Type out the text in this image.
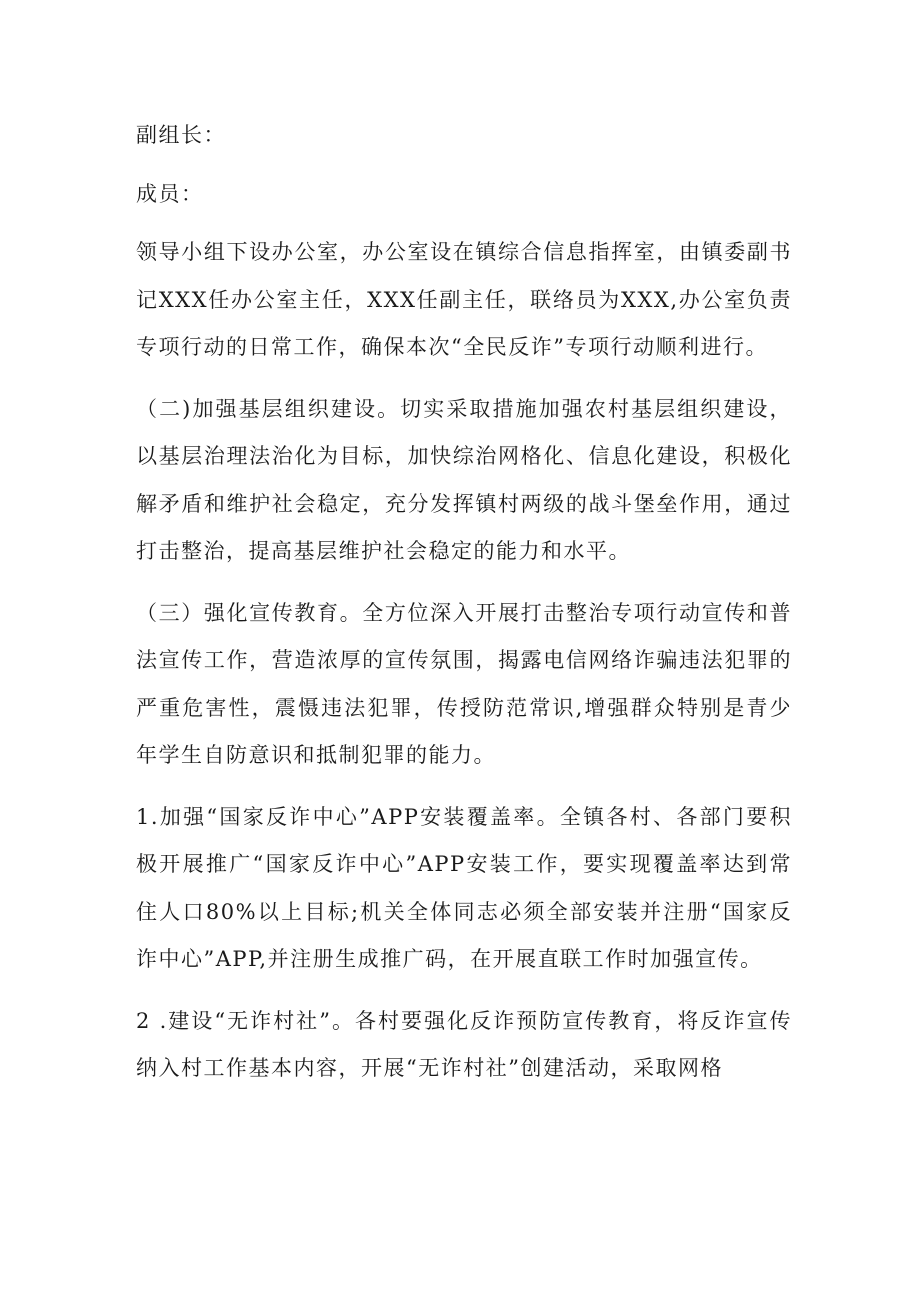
副组长：

成员：

领导小组下设办公室，办公室设在镇综合信息指挥室，由镇委副书记XXX任办公室主任，XXX任副主任，联络员为XXX,办公室负责专项行动的日常工作，确保本次“全民反诈”专项行动顺利进行。

（二)加强基层组织建设。切实采取措施加强农村基层组织建设，以基层治理法治化为目标，加快综治网格化、信息化建设，积极化解矛盾和维护社会稳定，充分发挥镇村两级的战斗堡垒作用，通过打击整治，提高基层维护社会稳定的能力和水平。

（三）强化宣传教育。全方位深入开展打击整治专项行动宣传和普法宣传工作，营造浓厚的宣传氛围，揭露电信网络诈骗违法犯罪的严重危害性，震慑违法犯罪，传授防范常识,增强群众特别是青少年学生自防意识和抵制犯罪的能力。

1.加强“国家反诈中心”APP安装覆盖率。全镇各村、各部门要积极开展推广“国家反诈中心”APP安装工作，要实现覆盖率达到常住人口80%以上目标;机关全体同志必须全部安装并注册“国家反诈中心”APP,并注册生成推广码，在开展直联工作时加强宣传。

2 .建设“无诈村社”。各村要强化反诈预防宣传教育，将反诈宣传纳入村工作基本内容，开展“无诈村社”创建活动，采取网格
